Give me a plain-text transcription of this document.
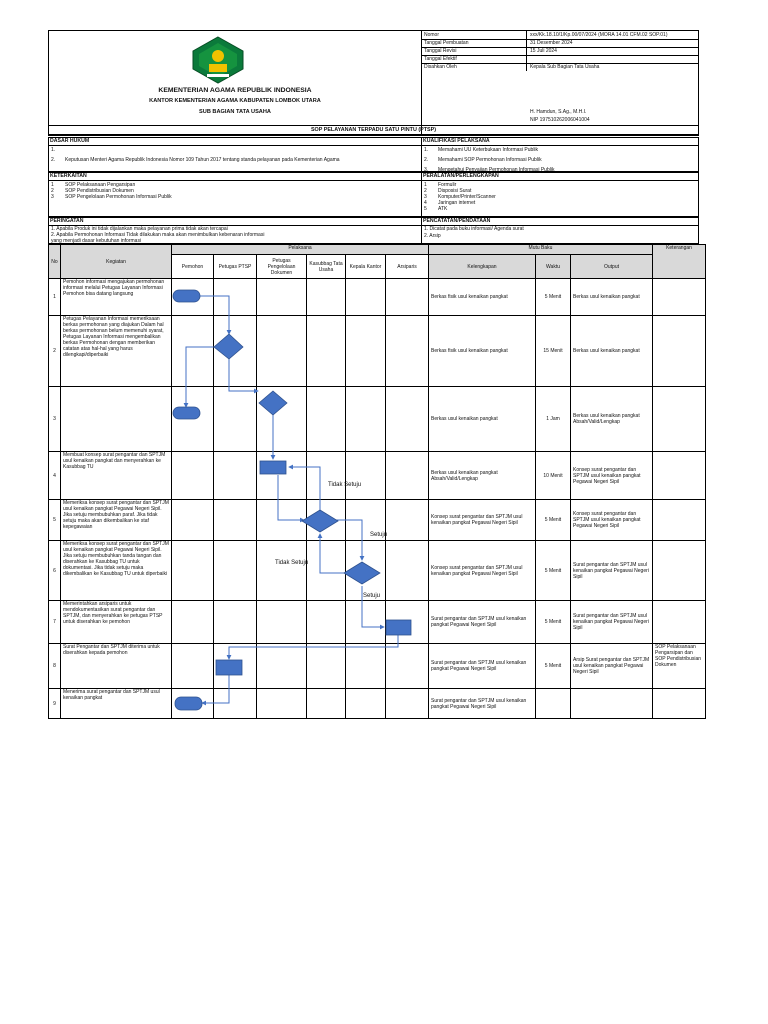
KEMENTERIAN AGAMA REPUBLIK INDONESIA
KANTOR KEMENTERIAN AGAMA KABUPATEN LOMBOK UTARA
SUB BAGIAN TATA USAHA
Nomor	xxx/Kk.18.10/1/Kp.00/07/2024 (MORA 14.01 CFM.02 SOP.01)
Tanggal Pembuatan	31 Desember 2024
Tanggal Revisi	15 Juli 2024
Tanggal Efektif
Disahkan Oleh	Kepala Sub Bagian Tata Usaha
H. Hamdun, S.Ag., M.H.I.
NIP 197510262006041004
SOP PELAYANAN TERPADU SATU PINTU (PTSP)
DASAR HUKUM
1.
2. Keputusan Menteri Agama Republik Indonesia Nomor 109 Tahun 2017 tentang standa pelayanan pada Kementerian Agama
KUALIFIKASI PELAKSANA
1. Memahami UU Keterbukaan Informasi Publik
2. Memahami SOP Permohonan Informasi Publik
3. Mengetahui Penyajian Permohonan Informasi Publik
KETERKAITAN
1 SOP Pelaksanaan Pengarsipan
2 SOP Pendistribusian Dokumen
3 SOP Pengelolaan Permohonan Informasi Publik
PERALATAN/PERLENGKAPAN
1 Formulir
2 Disposisi Surat
3 Komputer/Printer/Scanner
4 Jaringan internet
5 ATK
PERINGATAN
1. Apabila Produk ini tidak dijalankan maka pelayanan prima tidak akan tercapai
2. Apabila Permohonan Informasi Tidak dilakukan maka akan menimbulkan kebenaran informasi
yang menjadi dasar kebutuhan informasi
PENCATATAN/PENDATAAN
1. Dicatat pada buku informasi/ Agenda surat
2. Arsip
No	Kegiatan	Pelaksana						Mutu Baku			Keterangan
		Pemohon	Petugas PTSP	Petugas Pengelolaan Dokumen	Kasubbag Tata Usaha	Kepala Kantor	Arsiparis	Kelengkapan	Waktu	Output	
1	Pemohon informasi mengajukan permohonan informasi melalui Petugas Layanan Informasi Pemohon bisa datang langsung							Berkas fisik usul kenaikan pangkat	5 Menit	Berkas usul kenaikan pangkat	
2	Petugas Pelayanan Informasi memeriksaan berkas permohonan yang diajukan Dalam hal berkas permohonan belum memenuhi syarat, Petugas Layanan Informasi mengembalikan berkas Permohonan dengan memberikan catatan atas hal-hal yang harus dilengkapi/diperbaiki							Berkas fisik usul kenaikan pangkat	15 Menit	Berkas usul kenaikan pangkat	
3								Berkas usul kenaikan pangkat	1 Jam	Berkas usul kenaikan pangkat Absah/Valid/Lengkap	
4	Membuat konsep surat pengantar dan SPTJM usul kenaikan pangkat dan menyerahkan ke Kasubbag TU							Berkas usul kenaikan pangkat Absah/Valid/Lengkap	10 Menit	Konsep surat pengantar dan SPTJM usul kenaikan pangkat Pegawai Negeri Sipil	
5	Memeriksa konsep surat pengantar dan SPTJM usul kenaikan pangkat Pegawai Negeri Sipil. Jika setuju membubuhkan paraf. Jika tidak setuju maka akan dikembalikan ke staf kepegawaian							Konsep surat pengantar dan SPTJM usul kenaikan pangkat Pegawai Negeri Sipil	5 Menit	Konsep surat pengantar dan SPTJM usul kenaikan pangkat Pegawai Negeri Sipil	
6	Memeriksa konsep surat pengantar dan SPTJM usul kenaikan pangkat Pegawai Negeri Sipil. Jika setuju membubuhkan tanda tangan dan diserahkan ke Kasubbag TU untuk dokumentasi. Jika tidak setuju maka dikembalikan ke Kasubbag TU untuk diperbaiki							Konsep surat pengantar dan SPTJM usul kenaikan pangkat Pegawai Negeri Sipil	5 Menit	Surat pengantar dan SPTJM usul kenaikan pangkat Pegawai Negeri Sipil	
7	Memerintahkan arsiparis untuk mendokumentasikan surat pengantar dan SPTJM, dan menyerahkan ke petugas PTSP untuk diserahkan ke pemohon							Surat pengantar dan SPTJM usul kenaikan pangkat Pegawai Negeri Sipil	5 Menit	Surat pengantar dan SPTJM usul kenaikan pangkat Pegawai Negeri Sipil	
8	Surat Pengantar dan SPTJM diterima untuk diserahkan kepada pemohon							Surat pengantar dan SPTJM usul kenaikan pangkat Pegawai Negeri Sipil	5 Menit	Arsip Surat pengantar dan SPTJM usul kenaikan pangkat Pegawai Negeri Sipil	SOP Pelaksanaan Pengarsipan dan SOP Pendistribusian Dokumen
9	Menerima surat pengantar dan SPTJM usul kenaikan pangkat							Surat pengantar dan SPTJM usul kenaikan pangkat Pegawai Negeri Sipil			
Tidak Setuju
Setuju
Tidak Setuju
Setuju
